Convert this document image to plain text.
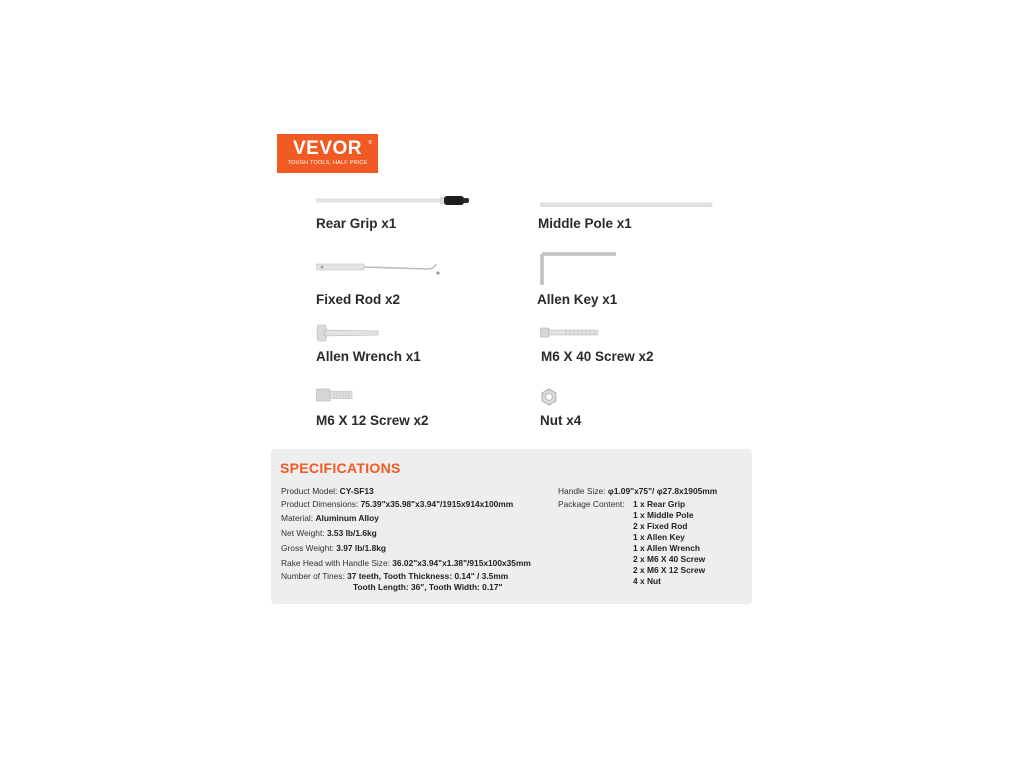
VEVOR	®
TOUGH TOOLS, HALF PRICE
Rear Grip x1	Middle Pole x1
Fixed Rod x2	Allen Key x1
Allen Wrench x1	M6 X 40 Screw x2
M6 X 12 Screw x2	Nut x4
SPECIFICATIONS
Product Model: CY-SF13
Product Dimensions: 75.39"x35.98"x3.94"/1915x914x100mm
Material: Aluminum Alloy
Net Weight: 3.53 lb/1.6kg
Gross Weight: 3.97 lb/1.8kg
Rake Head with Handle Size: 36.02"x3.94"x1.38"/915x100x35mm
Number of Tines: 37 teeth, Tooth Thickness: 0.14" / 3.5mm
Tooth Length: 36", Tooth Width: 0.17"
Handle Size: φ1.09"x75"/ φ27.8x1905mm
Package Content: 1 x Rear Grip
1 x Middle Pole
2 x Fixed Rod
1 x Allen Key
1 x Allen Wrench
2 x M6 X 40 Screw
2 x M6 X 12 Screw
4 x Nut
